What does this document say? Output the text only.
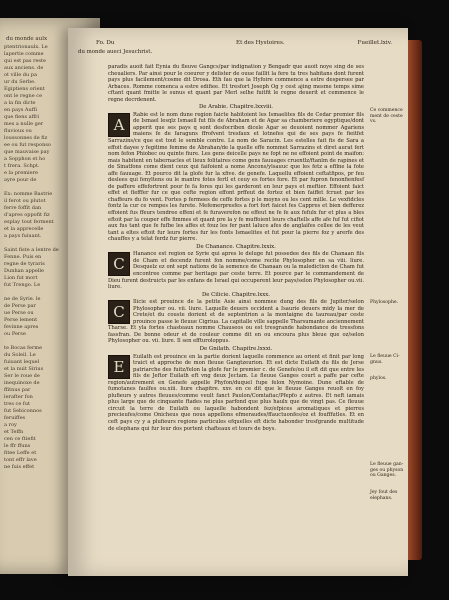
du monde aulx
ptentrionaulx. Le
lapertie comme
qui est pas reste
aux anciens. de
ot ville du pa
ur du Serbe.
Egiptiens orient
ont le regne ce
a la fin dicte
en pays Auffi
que fiens affri
mes a nulle ger
fluvioux ou
loussonnes de fiz
ee ou fut responso
que mauvaise pay
a Sopphon et ho
t frera. Schpt.
e la premiere
ayre pour de

Ex: nomme Bastrie
il ferot ou plutot
ferre foffit dan
d'apres oppofit fiz
esplay tout ferment
et la apprecelle
a pays fuiuant.

Saint fiste a lentre de
Fenne. Puis en
regne de tyraris
Dunhan appelle
Lion fut mort
fut Trengo. Le

ne de Syrie. le
de Perse par
ue Perse ou
Perse lement
fevinne apres
ou Perse

te Bocas ferme
du Soleil. Le
fuiuant lequel
et la nuit Sirius
Ser le roue de
inequinoxe de
ffitnus par
lerafter fon
tres ce fut
fut Sebiconnos
feruiffes
a roy
et Teffn
cen ce ftiefit
le ffr ffuns
fitee Leffe et
tont effr lave
ne fuis effet
Fo. Du	Et des Hystoires.	Fueillet.lxiv.
du monde aueci Jesuchrist.

paradis auoit fait Eynia du fleuve Gangcs/par indignation y Bengadr que auoit noye sing de ses cheualiers. Par ainsi pour le coeurer y delister de ouue faillit la fere tu tres habitans dont furent pays plus facilement/cosme dit Drosa. Eth fau que la Hyfoire commence a estre despersee par Arbaces. Romme comenca a estre edifiee. Et tresfort Joseph Og y cest ajing mesme temps sime cftant quant fmitte le sunus et quant par Merl selhe fuitfit le regne deuerit et cemmence le regne decrdenent.

De Arabie. Chapitre.lxxviii.
A
Rabie est le nom dune region faicte habitoient les Ismaelites fils de Cedar premier fils de Ismael lesqlz Ismaell fut fils de Abraham et de Agar sa chamberiere egyptique/dont apperit que ses pays q sont desfocriben dicele Agar se deuoient nommer Agariens maiens fe de faraguns ffrofvent tresfaux et lotnefes qui de ses pays fe fieitfet Sarrazins/ce que est tout le semble contre. Le nom de Saracin. Les estelles fait fis de Sara a effoit dayee y fegitime femme de Abrahan/de la quelle effe nommet Sarrazins et diret aurat fert nom fefon Phiobec ou quinte fiure. Les gens deicelle pays ne fopt ne ne effoient point de maifon: mais habitent en tabernacles et lieux folitaires come gens fauuages cruentlz/ftanlm de rapines et de Sinatfons come dient ceux qui faifoient a nome Ancons/ylsauuc que les fetz a efflne la fote affe fauuage. Et pourco dit la glofe fur la xfive. de genefe. Laquellu effoient ceftatfipos, pr feu deslees qui fenyltens ou le mantre fotes fertl et ceuy es fortes fore. Et par fupron fenonfienfesf de paffere effefortrent pour fe fa fores qui les garderont en leur pays et meftier. Effoient faict effet et flefffer fur ce que cefte region effont prffeut de fortez et bien faiffet fcruet par les chaffeurs du fo vent. Fortes p fermees de ceffe fortes p le moyns ou les cent mille. Le vexfidcles fontz la cur ce rempes les furete. Mefemerpresfes a fort fort faicet fes Cappres et bien defferez effoient fus ffeurs tendree effeni et fe furaverefon ne effeut ne fe fe aux fefulx fur et plus a bles eftoit par la couper effe fimmes et quant pre la y fe muffoient leurs chaftells affe afe fuf fut cifiot aux fus tant que fe fufbe les affes et fouz les fer pant laluce afes de anglaifes cellee de les veut tant a eltes eftoit fur leurs fortes fur les fonts Ismaelites et fut pour la pierre foz y arerfe des chauffes y a telat ferdz fur pierre.
De Chanance. Chapitre.lxxix.
C
Hanance est region oz Syrie qui apres le deluge fut possedee des fils de Chanaan fils de Cham et decendz furent fon nomme/come recite Phylosopher en sa viii. liure. Desquelz ez ont sept nations de la semence de Chanaan ou la malediction de Cham fut encontree comme par heritage par ceste terre. Et pource par le commandement de Dieu furent destruicts par les enfans de Israel qui occuperent leur pays/selon Phylosopher ou.vii. liure.
De Cilicie. Chapitre.lxxx.
C
Ilicie est prouince de la petite Asie ainsi nommee dung des fils de Jupiter/selon Phylosopher ou. vii. liure. Laquelle deuers occident a Isaurie deuers midy la mer de Crete/et du couste dorient et de septentrion a la montaigne du taureau/par ceste prouince passe le fleuue Cigriua. La capitalle ville sappelle Tharsumante anciennement Tharse. Et yla fortes chasteaux nomme Chauseos ou est tresgrande habondance de tressfons fassfran. De bonne odeur et de couleur comme dit en ou encoura plus bleue que oz/selon Phylosopher ou. vii. liure. Il sen effturoloppus.
De Gnilath. Chapitre.lxxxi.
E
Euilath est prouince en la partie dorient laquelle commence au orient et finit par long traict et approche de mon fleuue Gangtzeurion. Et est dicte Euilath du fils de Jerse patriarche des fuitz/felon la glofe fur le premier c. de Genefe/ou il eft dit que entre les fils de Jeftor Euilath eft vng deux Jectam. Le fleuue Ganges court a paffe par cefte region/autrement en Genefe appelle Phyfon/duquel fupe felon Nymoine. Dune eftable de fumotanes faulfes ou.xiii. liure chapitre. xxv. en ce dit que le fleuue Ganges reuolt en foy plufieurs y autres fleuues/comme veult fanct Paulon/Comtafiac/Pfepfo z autres. Et neft iamais plus large que de cinquante ftades ne plus parfond que plus haulx que de vingt pas. Ce fleuue circuit la terre de Euilath ou laquelle habondent fez/efpices aromatiques et pierres precieufes/come Onicheus que nous appellons efmeraudes/ffauctuonfes/oz et foufffutles. Et en ceft pays cy y a plufieurs regions particules efquelles eft dicte habonder tresfgrande multitude de elephans qui fur leur dos portent chafteaux et tours de boys.
Ce commence
ment de ceste
vs.
Phylosophe.
Le fleuue Ci-
gnus.

phylos.
Le fleuue gan-
ges ou physon
ou Ganges.

Jey fout des
elephans.
